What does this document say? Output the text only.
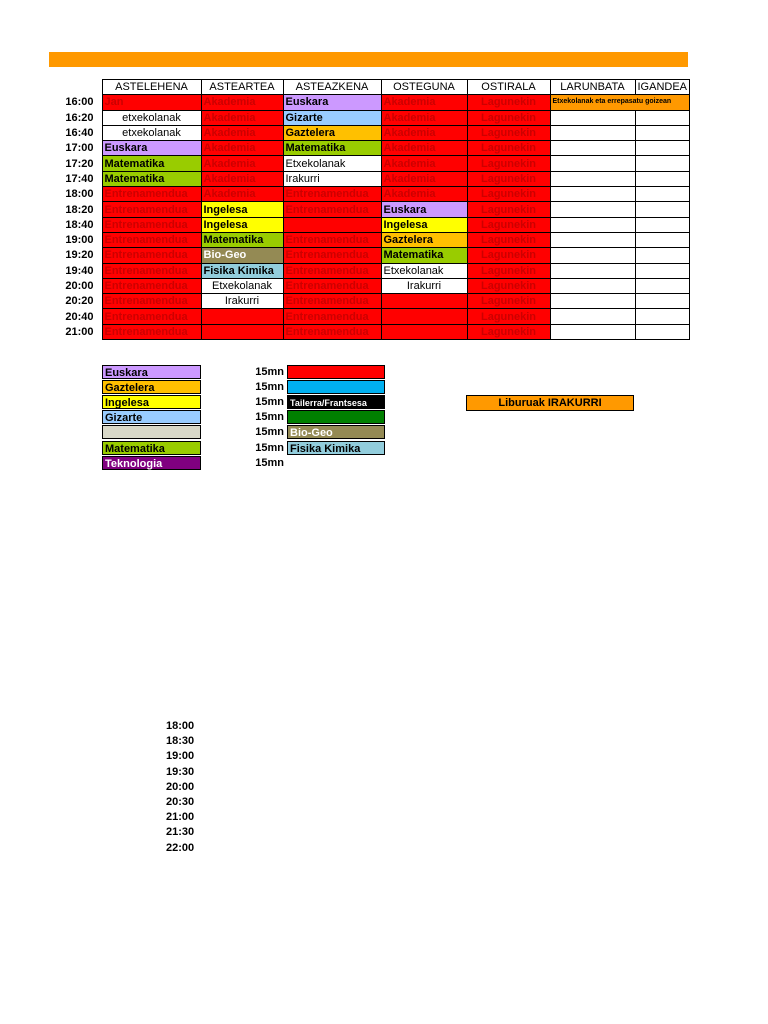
	ASTELEHENA	ASTEARTEA	ASTEAZKENA	OSTEGUNA	OSTIRALA	LARUNBATA	IGANDEA
16:00	Jan	Akademia	Euskara	Akademia	Lagunekin	Etxekolanak eta errepasatu goizean	
16:20	etxekolanak	Akademia	Gizarte	Akademia	Lagunekin		
16:40	etxekolanak	Akademia	Gaztelera	Akademia	Lagunekin		
17:00	Euskara	Akademia	Matematika	Akademia	Lagunekin		
17:20	Matematika	Akademia	Etxekolanak	Akademia	Lagunekin		
17:40	Matematika	Akademia	Irakurri	Akademia	Lagunekin		
18:00	Entrenamendua	Akademia	Entrenamendua	Akademia	Lagunekin		
18:20	Entrenamendua	Ingelesa	Entrenamendua	Euskara	Lagunekin		
18:40	Entrenamendua	Ingelesa		Ingelesa	Lagunekin		
19:00	Entrenamendua	Matematika	Entrenamendua	Gaztelera	Lagunekin		
19:20	Entrenamendua	Bio-Geo	Entrenamendua	Matematika	Lagunekin		
19:40	Entrenamendua	Fisika Kimika	Entrenamendua	Etxekolanak	Lagunekin		
20:00	Entrenamendua	Etxekolanak	Entrenamendua	Irakurri	Lagunekin		
20:20	Entrenamendua	Irakurri	Entrenamendua		Lagunekin		
20:40	Entrenamendua		Entrenamendua		Lagunekin		
21:00	Entrenamendua		Entrenamendua		Lagunekin		
Euskara	15mn
Gaztelera	15mn
Ingelesa	15mn Tailerra/Frantsesa
Gizarte	15mn
15mn Bio-Geo
Matematika	15mn Fisika Kimika
Teknologia	15mn
Liburuak IRAKURRI
18:00
18:30
19:00
19:30
20:00
20:30
21:00
21:30
22:00
